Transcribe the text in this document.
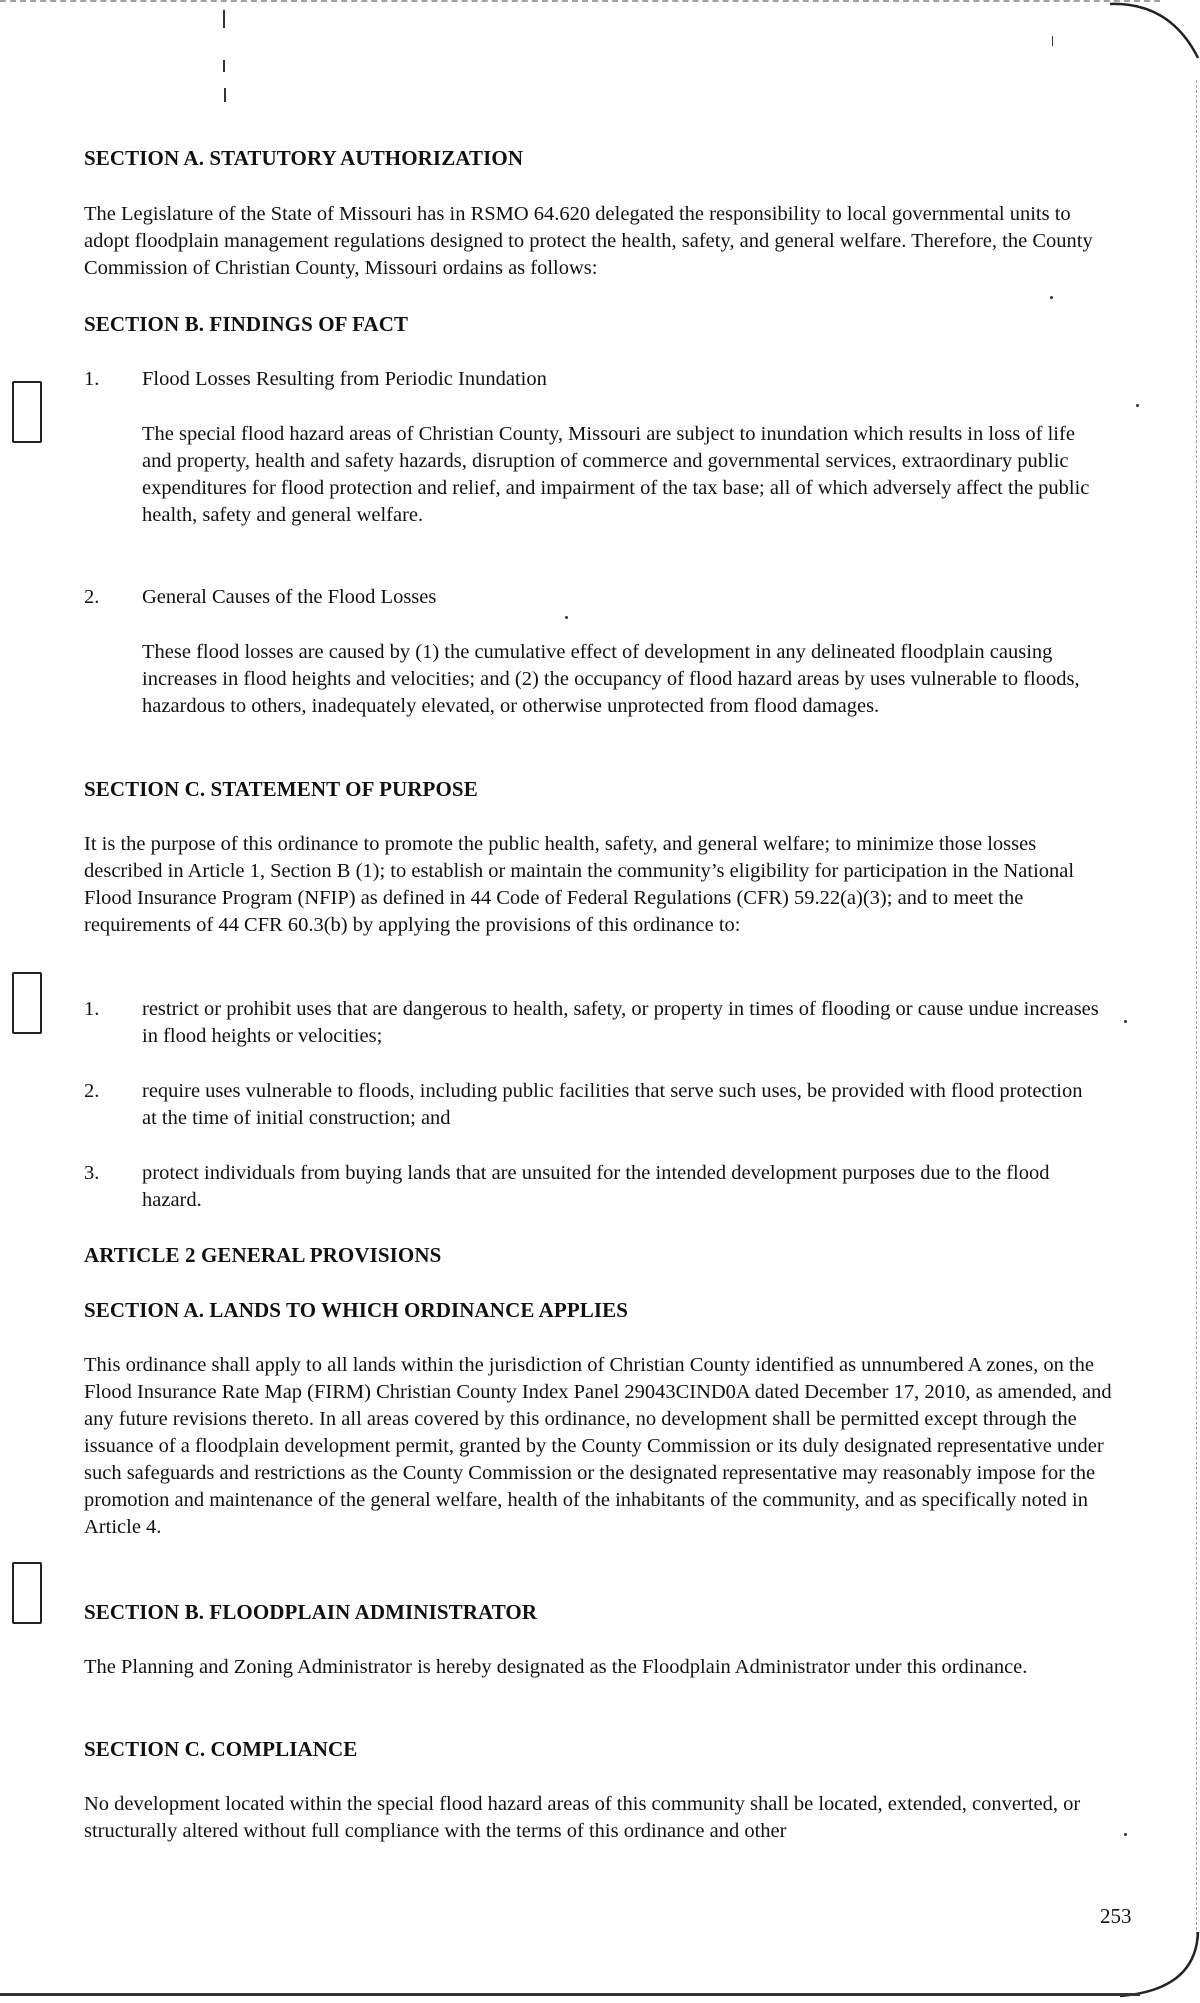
SECTION A. STATUTORY AUTHORIZATION
The Legislature of the State of Missouri has in RSMO 64.620 delegated the responsibility to local governmental units to adopt floodplain management regulations designed to protect the health, safety, and general welfare. Therefore, the County Commission of Christian County, Missouri ordains as follows:
SECTION B. FINDINGS OF FACT
1. Flood Losses Resulting from Periodic Inundation
The special flood hazard areas of Christian County, Missouri are subject to inundation which results in loss of life and property, health and safety hazards, disruption of commerce and governmental services, extraordinary public expenditures for flood protection and relief, and impairment of the tax base; all of which adversely affect the public health, safety and general welfare.
2. General Causes of the Flood Losses
These flood losses are caused by (1) the cumulative effect of development in any delineated floodplain causing increases in flood heights and velocities; and (2) the occupancy of flood hazard areas by uses vulnerable to floods, hazardous to others, inadequately elevated, or otherwise unprotected from flood damages.
SECTION C. STATEMENT OF PURPOSE
It is the purpose of this ordinance to promote the public health, safety, and general welfare; to minimize those losses described in Article 1, Section B (1); to establish or maintain the community’s eligibility for participation in the National Flood Insurance Program (NFIP) as defined in 44 Code of Federal Regulations (CFR) 59.22(a)(3); and to meet the requirements of 44 CFR 60.3(b) by applying the provisions of this ordinance to:
1. restrict or prohibit uses that are dangerous to health, safety, or property in times of flooding or cause undue increases in flood heights or velocities;
2. require uses vulnerable to floods, including public facilities that serve such uses, be provided with flood protection at the time of initial construction; and
3. protect individuals from buying lands that are unsuited for the intended development purposes due to the flood hazard.
ARTICLE 2 GENERAL PROVISIONS
SECTION A. LANDS TO WHICH ORDINANCE APPLIES
This ordinance shall apply to all lands within the jurisdiction of Christian County identified as unnumbered A zones, on the Flood Insurance Rate Map (FIRM) Christian County Index Panel 29043CIND0A dated December 17, 2010, as amended, and any future revisions thereto. In all areas covered by this ordinance, no development shall be permitted except through the issuance of a floodplain development permit, granted by the County Commission or its duly designated representative under such safeguards and restrictions as the County Commission or the designated representative may reasonably impose for the promotion and maintenance of the general welfare, health of the inhabitants of the community, and as specifically noted in Article 4.
SECTION B. FLOODPLAIN ADMINISTRATOR
The Planning and Zoning Administrator is hereby designated as the Floodplain Administrator under this ordinance.
SECTION C. COMPLIANCE
No development located within the special flood hazard areas of this community shall be located, extended, converted, or structurally altered without full compliance with the terms of this ordinance and other
253
